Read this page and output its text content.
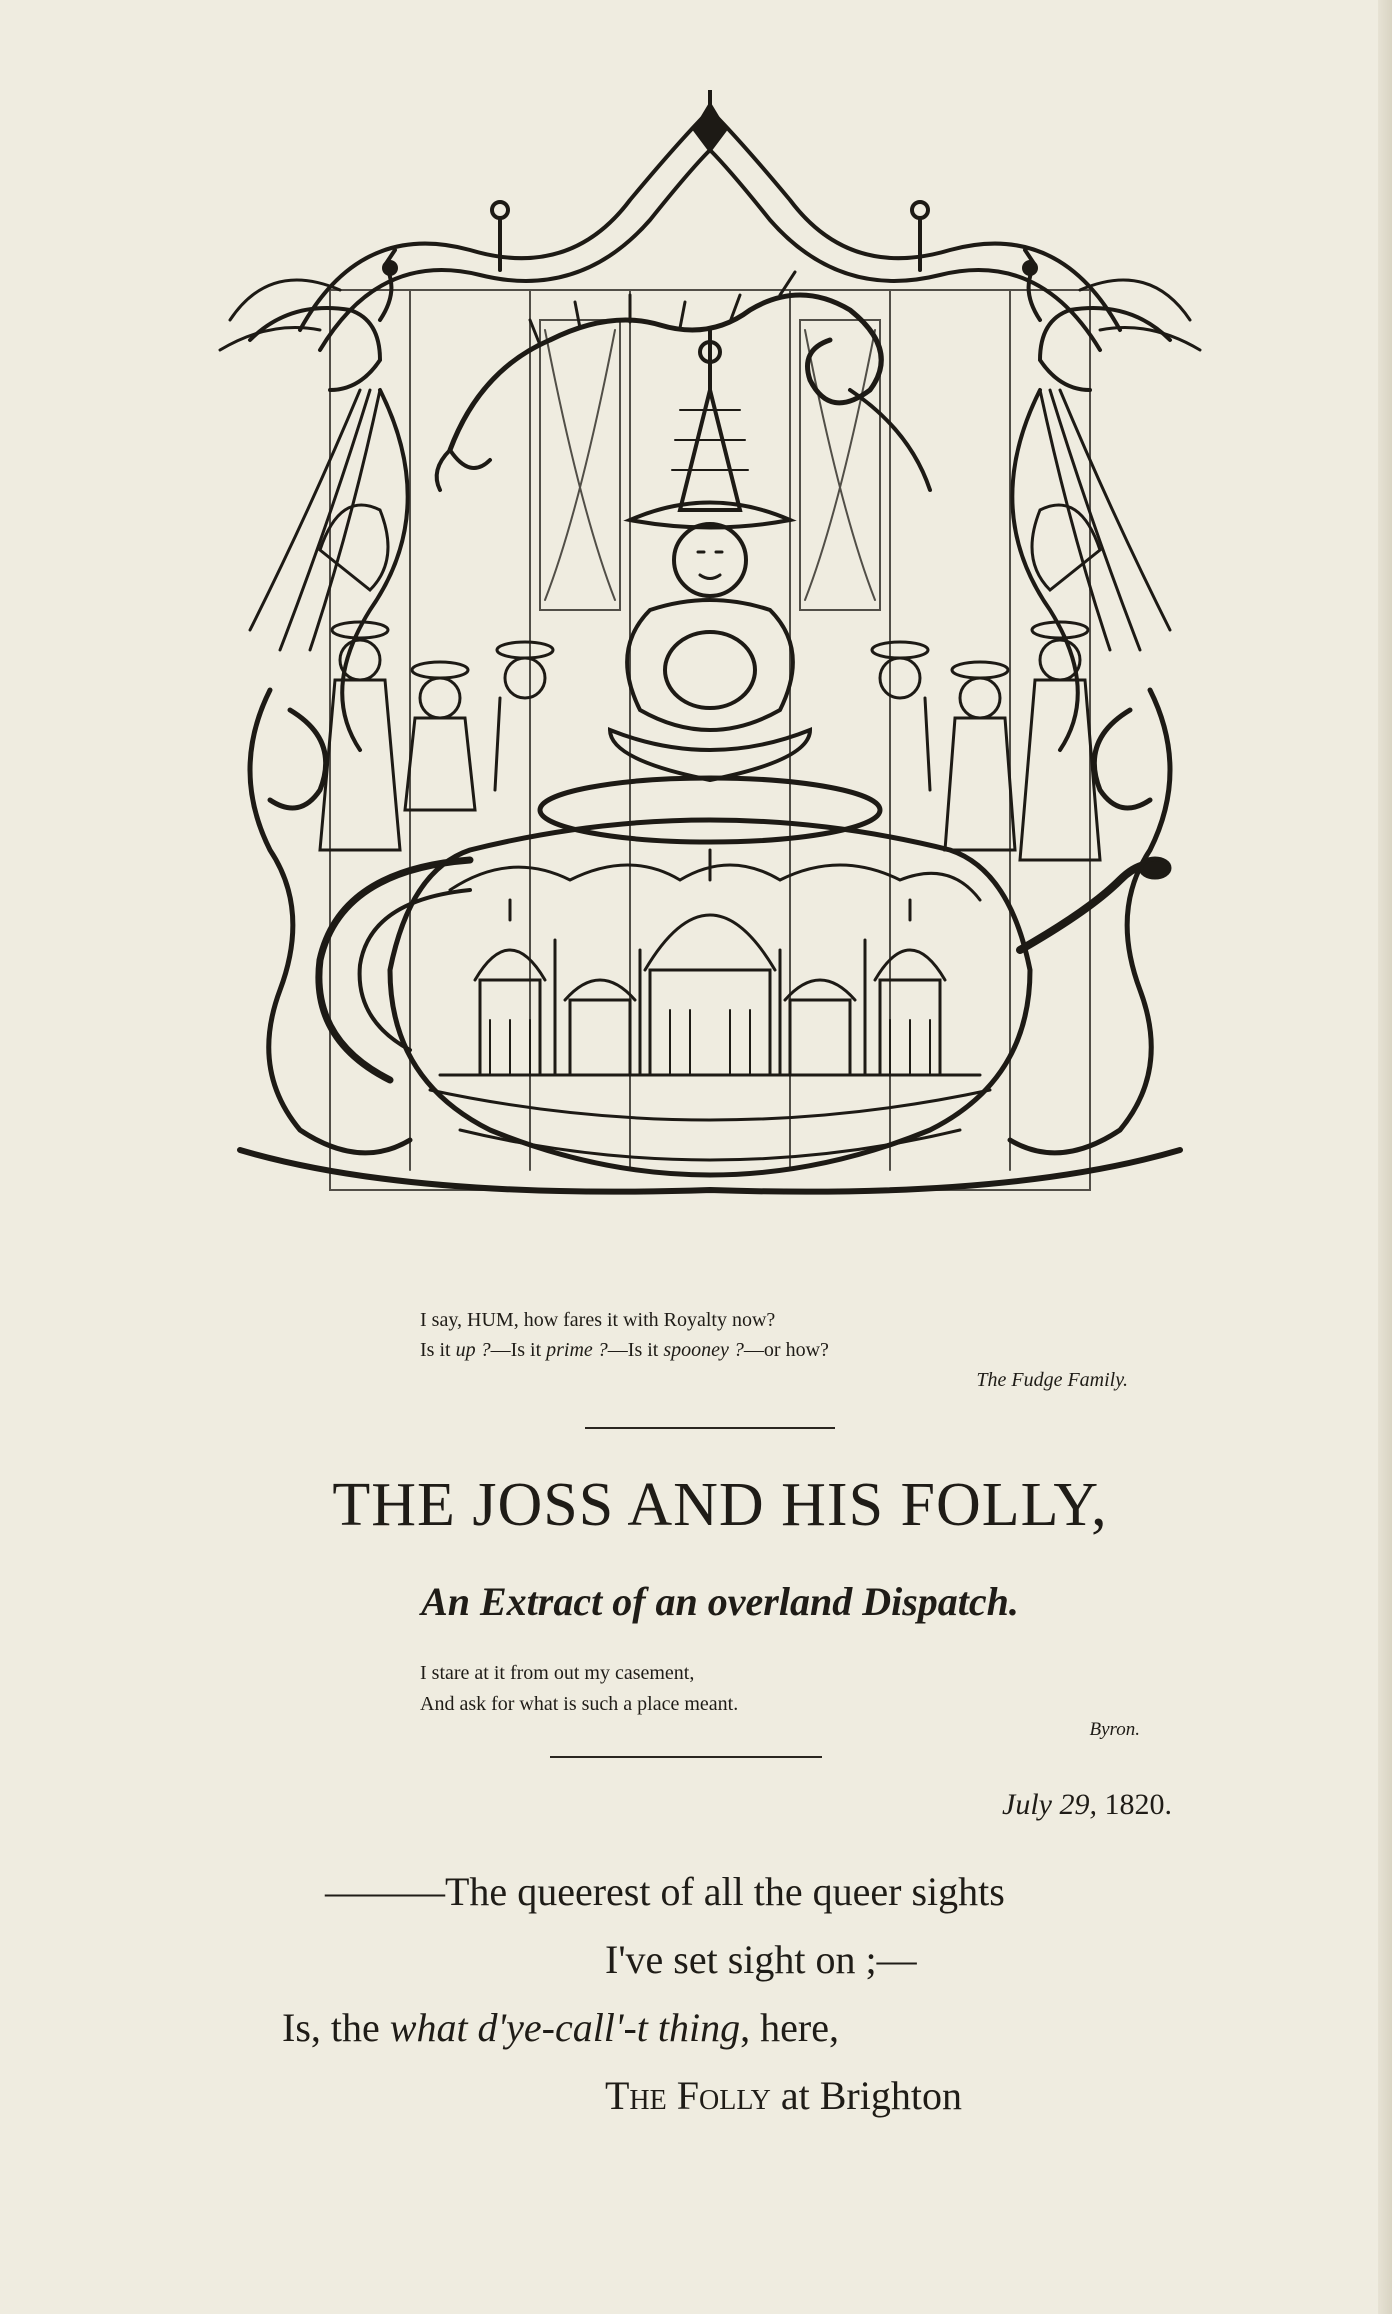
I say, HUM, how fares it with Royalty now?
Is it up ?—Is it prime ?—Is it spooney ?—or how?
The Fudge Family.
THE JOSS AND HIS FOLLY,
An Extract of an overland Dispatch.
I stare at it from out my casement,
And ask for what is such a place meant.
Byron.
July 29, 1820.
———The queerest of all the queer sights
I've set sight on ;—
Is, the what d'ye-call'-t thing, here,
The Folly at Brighton
